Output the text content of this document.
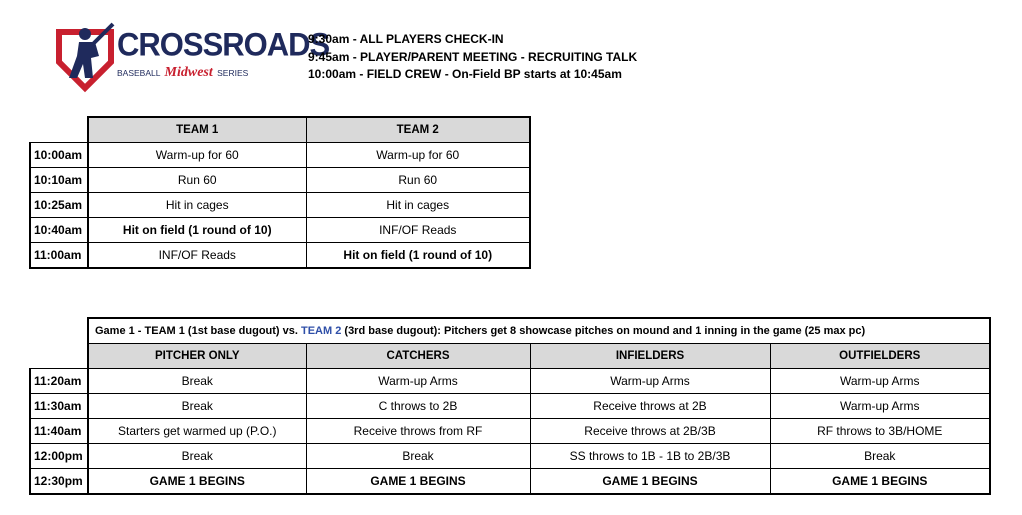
CROSSROADS
BASEBALL Midwest SERIES
9:30am - ALL PLAYERS CHECK-IN
9:45am - PLAYER/PARENT MEETING - RECRUITING TALK
10:00am - FIELD CREW - On-Field BP starts at 10:45am
	TEAM 1	TEAM 2
10:00am	Warm-up for 60	Warm-up for 60
10:10am	Run 60	Run 60
10:25am	Hit in cages	Hit in cages
10:40am	Hit on field (1 round of 10)	INF/OF Reads
11:00am	INF/OF Reads	Hit on field (1 round of 10)
	Game 1 - TEAM 1 (1st base dugout) vs. TEAM 2 (3rd base dugout): Pitchers get 8 showcase pitches on mound and 1 inning in the game (25 max pc)			
	PITCHER ONLY	CATCHERS	INFIELDERS	OUTFIELDERS
11:20am	Break	Warm-up Arms	Warm-up Arms	Warm-up Arms
11:30am	Break	C throws to 2B	Receive throws at 2B	Warm-up Arms
11:40am	Starters get warmed up (P.O.)	Receive throws from RF	Receive throws at 2B/3B	RF throws to 3B/HOME
12:00pm	Break	Break	SS throws to 1B - 1B to 2B/3B	Break
12:30pm	GAME 1 BEGINS	GAME 1 BEGINS	GAME 1 BEGINS	GAME 1 BEGINS
